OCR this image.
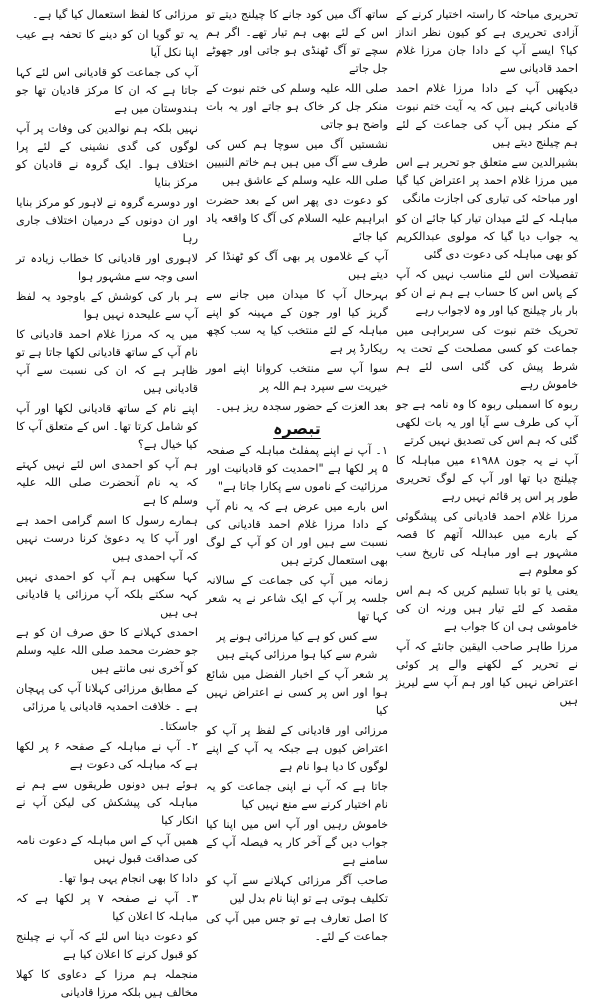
تحریری مباحثہ کا راستہ اختیار کرنے کے آزادی تحریری ہے کو کیون نظر انداز کیا؟ ایسے آپ کے دادا جان مرزا غلام احمد قادیانی سے

دیکھیں آپ کے دادا مرزا غلام احمد قادیانی کہنے ہیں کہ یہ آیت ختم نبوت کے منکر ہیں آپ کی جماعت کے لئے ہم چیلنج دیتے ہیں

بشیرالدین سے متعلق جو تحریر ہے اس میں مرزا غلام احمد پر اعتراض کیا گیا اور مباحثہ کی تیاری کی اجازت مانگی

مباہلہ کے لئے میدان تیار کیا جائے ان کو یہ جواب دیا گیا کہ مولوی عبدالکریم کو بھی مباہلہ کی دعوت دی گئی

تفصیلات اس لئے مناسب نہیں کہ آپ کے پاس اس کا حساب ہے ہم نے ان کو بار بار چیلنج کیا اور وہ لاجواب رہے

تحریک ختم نبوت کی سربراہی میں جماعت کو کسی مصلحت کے تحت یہ شرط پیش کی گئی اسی لئے ہم خاموش رہے

ربوہ کا اسمبلی ربوہ کا وہ نامہ ہے جو آپ کی طرف سے آیا اور یہ بات لکھی گئی کہ ہم اس کی تصدیق نہیں کرتے

آپ نے یہ جون ۱۹۸۸ء میں مباہلہ کا چیلنج دیا تھا اور آپ کے لوگ تحریری طور پر اس پر قائم نہیں رہے

مرزا غلام احمد قادیانی کی پیشگوئی کے بارے میں عبداللہ آتھم کا قصہ مشہور ہے اور مباہلہ کی تاریخ سب کو معلوم ہے

یعنی یا تو بابا تسلیم کریں کہ ہم اس مقصد کے لئے تیار ہیں ورنہ ان کی خاموشی ہی ان کا جواب ہے

مرزا طاہر صاحب الیقین جانئے کہ آپ نے تحریر کے لکھنے والے پر کوئی اعتراض نہیں کیا اور ہم آپ سے لیریز ہیں

ساتھ آگ میں کود جانے کا چیلنج دیتے تو اس کے لئے بھی ہم تیار تھے۔ اگر ہم سچے تو آگ ٹھنڈی ہو جاتی اور جھوٹے جل جاتے

صلی اللہ علیہ وسلم کی ختم نبوت کے منکر جل کر خاک ہو جاتے اور یہ بات واضح ہو جاتی

نشستیں آگ میں سوچا ہم کس کی طرف سے آگ میں ہیں ہم خاتم النبیین صلی اللہ علیہ وسلم کے عاشق ہیں

کو دعوت دی پھر اس کے بعد حضرت ابراہیم علیہ السلام کی آگ کا واقعہ یاد کیا جائے

آپ کے غلاموں پر بھی آگ کو ٹھنڈا کر دیتے ہیں

بہرحال آپ کا میدان میں جانے سے گریز کیا اور جون کے مہینہ کو اپنے مباہلہ کے لئے منتخب کیا یہ سب کچھ ریکارڈ پر ہے

سوا آپ سے منتخب کروانا اپنے امور خیریت سے سپرد ہم اللہ پر

بعد العزت کے حضور سجدہ ریز ہیں۔

تبصرہ

۱۔ آپ نے اپنے پمفلٹ مباہلہ کے صفحہ ۵ پر لکھا ہے "احمدیت کو قادیانیت اور مرزائیت کے ناموں سے پکارا جاتا ہے"

اس بارے میں عرض ہے کہ یہ نام آپ کے دادا مرزا غلام احمد قادیانی کی نسبت سے ہیں اور ان کو آپ کے لوگ بھی استعمال کرتے ہیں

زمانہ میں آپ کی جماعت کے سالانہ جلسہ پر آپ کے ایک شاعر نے یہ شعر کہا تھا

سے کس کو ہے کیا مرزائی ہونے پر شرم سے کیا ہوا مرزائی کہتے ہیں

پر شعر آپ کے اخبار الفضل میں شائع ہوا اور اس پر کسی نے اعتراض نہیں کیا

مرزائی اور قادیانی کے لفظ پر آپ کو اعتراض کیوں ہے جبکہ یہ آپ کے اپنے لوگوں کا دیا ہوا نام ہے

جاتا ہے کہ آپ نے اپنی جماعت کو یہ نام اختیار کرنے سے منع نہیں کیا

خاموش رہیں اور آپ اس میں اپنا کیا جواب دیں گے آخر کار یہ فیصلہ آپ کے سامنے ہے

صاحب آگر مرزائی کہلانے سے آپ کو تکلیف ہوتی ہے تو اپنا نام بدل لیں

کا اصل تعارف ہے تو جس میں آپ کی جماعت کے لئے۔

مرزائی کا لفظ استعمال کیا گیا ہے۔

یہ تو گویا ان کو دینے کا تحفہ ہے عیب اپنا نکل آیا

آپ کی جماعت کو قادیانی اس لئے کہا جاتا ہے کہ ان کا مرکز قادیان تھا جو ہندوستان میں ہے

نہیں بلکہ ہم نوالدین کی وفات پر آپ لوگوں کی گدی نشینی کے لئے پرا اختلاف ہوا۔ ایک گروہ نے قادیان کو مرکز بنایا

اور دوسرے گروہ نے لاہور کو مرکز بنایا اور ان دونوں کے درمیان اختلاف جاری رہا

لاہوری اور قادیانی کا خطاب زیادہ تر اسی وجہ سے مشہور ہوا

ہر بار کی کوشش کے باوجود یہ لفظ آپ سے علیحدہ نہیں ہوا

میں یہ کہ مرزا غلام احمد قادیانی کا نام آپ کے ساتھ قادیانی لکھا جاتا ہے تو ظاہر ہے کہ ان کی نسبت سے آپ قادیانی ہیں

اپنے نام کے ساتھ قادیانی لکھا اور آپ کو شامل کرتا تھا۔ اس کے متعلق آپ کا کیا خیال ہے؟

ہم آپ کو احمدی اس لئے نہیں کہتے کہ یہ نام آنحضرت صلی اللہ علیہ وسلم کا ہے

ہمارے رسول کا اسم گرامی احمد ہے اور آپ کا یہ دعویٰ کرنا درست نہیں کہ آپ احمدی ہیں

کہا سکھیں ہم آپ کو احمدی نہیں کہہ سکتے بلکہ آپ مرزائی یا قادیانی ہی ہیں

احمدی کہلانے کا حق صرف ان کو ہے جو حضرت محمد صلی اللہ علیہ وسلم کو آخری نبی مانتے ہیں

کے مطابق مرزائی کہلانا آپ کی پہچان ہے ۔ خلافت احمدیہ قادیانی یا مرزائی

جاسکتا۔

۲۔ آپ نے مباہلہ کے صفحہ ۶ پر لکھا ہے کہ مباہلہ کی دعوت ہے

ہوئے ہیں دونوں طریقوں سے ہم نے مباہلہ کی پیشکش کی لیکن آپ نے انکار کیا

ھمیں آپ کے اس مباہلہ کے دعوت نامہ کی صداقت قبول نہیں

دادا کا بھی انجام یہی ہوا تھا۔

۳۔ آپ نے صفحہ ۷ پر لکھا ہے کہ مباہلہ کا اعلان کیا

کو دعوت دینا اس لئے کہ آپ نے چیلنج کو قبول کرنے کا اعلان کیا ہے

منجملہ ہم مرزا کے دعاوی کا کھلا مخالف ہیں بلکہ مرزا قادیانی
